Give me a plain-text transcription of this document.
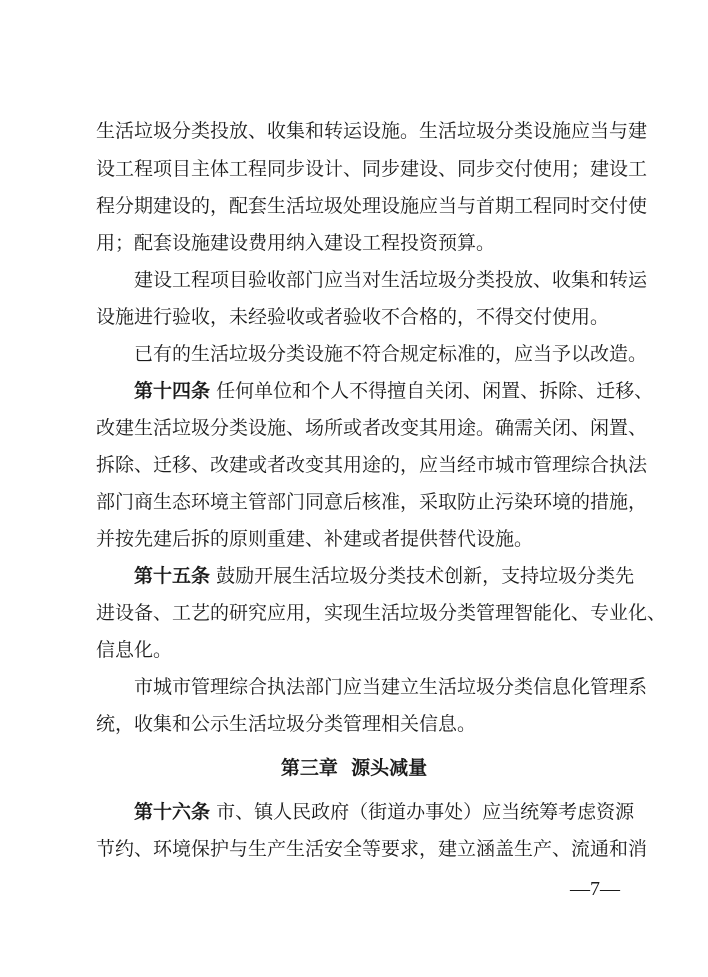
生活垃圾分类投放、收集和转运设施。生活垃圾分类设施应当与建
设工程项目主体工程同步设计、同步建设、同步交付使用；建设工
程分期建设的，配套生活垃圾处理设施应当与首期工程同时交付使
用；配套设施建设费用纳入建设工程投资预算。
建设工程项目验收部门应当对生活垃圾分类投放、收集和转运
设施进行验收，未经验收或者验收不合格的，不得交付使用。
已有的生活垃圾分类设施不符合规定标准的，应当予以改造。
第十四条 任何单位和个人不得擅自关闭、闲置、拆除、迁移、
改建生活垃圾分类设施、场所或者改变其用途。确需关闭、闲置、
拆除、迁移、改建或者改变其用途的，应当经市城市管理综合执法
部门商生态环境主管部门同意后核准，采取防止污染环境的措施，
并按先建后拆的原则重建、补建或者提供替代设施。
第十五条 鼓励开展生活垃圾分类技术创新，支持垃圾分类先
进设备、工艺的研究应用，实现生活垃圾分类管理智能化、专业化、
信息化。
市城市管理综合执法部门应当建立生活垃圾分类信息化管理系
统，收集和公示生活垃圾分类管理相关信息。
第三章  源头减量
第十六条 市、镇人民政府（街道办事处）应当统筹考虑资源
节约、环境保护与生产生活安全等要求，建立涵盖生产、流通和消
—7—
